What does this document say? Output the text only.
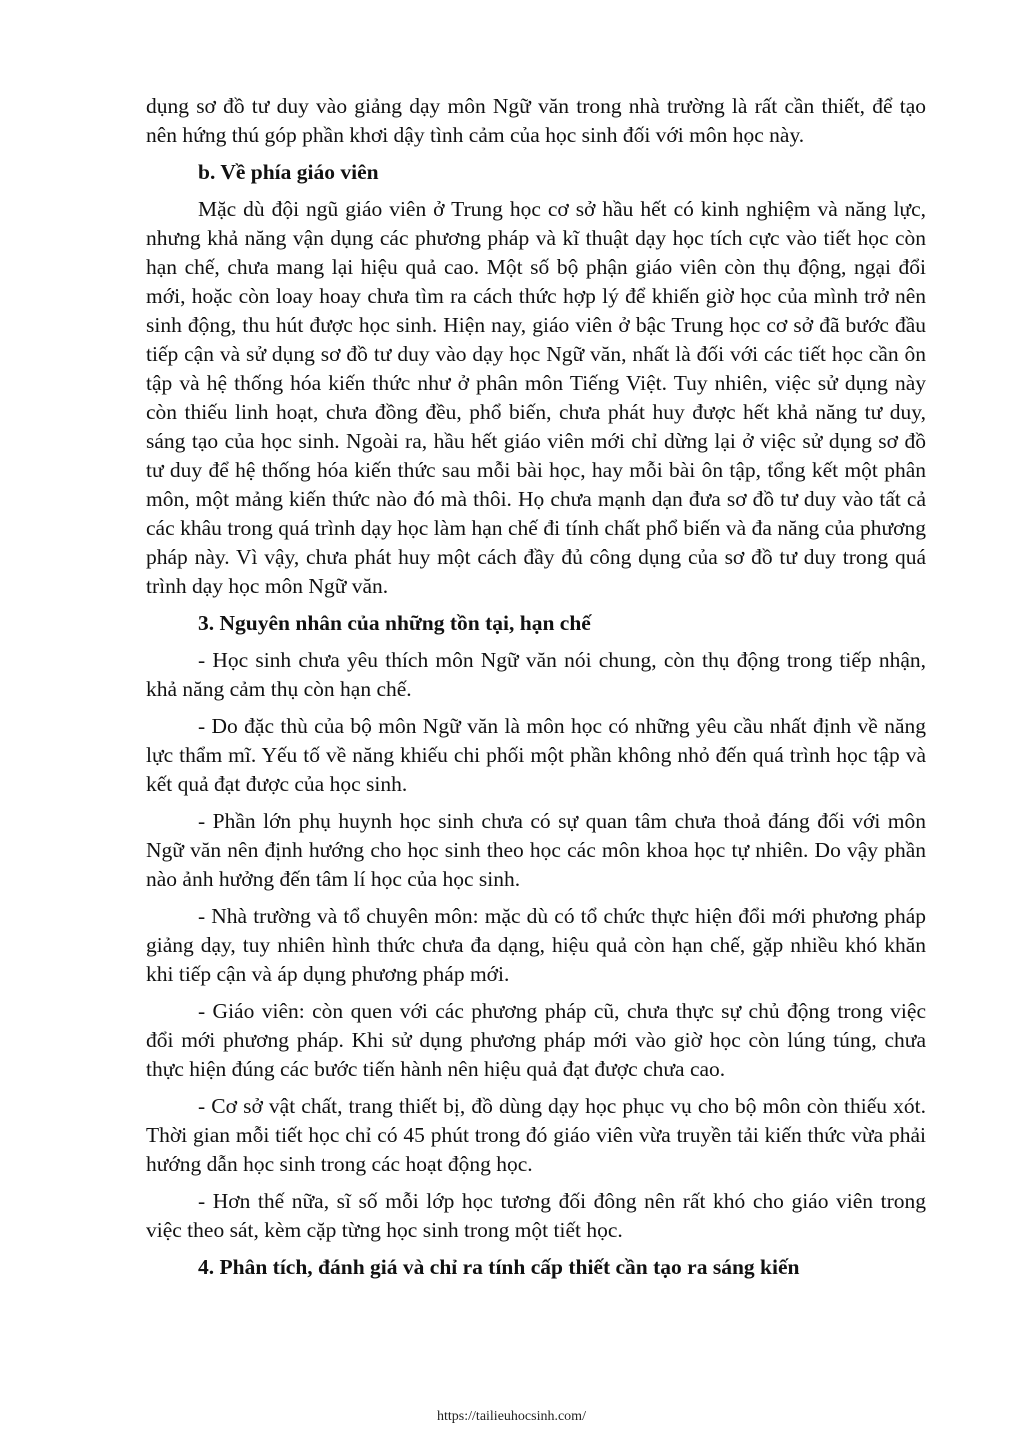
dụng sơ đồ tư duy vào giảng dạy môn Ngữ văn trong nhà trường là rất cần thiết, để tạo nên hứng thú góp phần khơi dậy tình cảm của học sinh đối với môn học này.

b. Về phía giáo viên

Mặc dù đội ngũ giáo viên ở Trung học cơ sở hầu hết có kinh nghiệm và năng lực, nhưng khả năng vận dụng các phương pháp và kĩ thuật dạy học tích cực vào tiết học còn hạn chế, chưa mang lại hiệu quả cao. Một số bộ phận giáo viên còn thụ động, ngại đổi mới, hoặc còn loay hoay chưa tìm ra cách thức hợp lý để khiến giờ học của mình trở nên sinh động, thu hút được học sinh. Hiện nay, giáo viên ở bậc Trung học cơ sở đã bước đầu tiếp cận và sử dụng sơ đồ tư duy vào dạy học Ngữ văn, nhất là đối với các tiết học cần ôn tập và hệ thống hóa kiến thức như ở phân môn Tiếng Việt. Tuy nhiên, việc sử dụng này còn thiếu linh hoạt, chưa đồng đều, phổ biến, chưa phát huy được hết khả năng tư duy, sáng tạo của học sinh. Ngoài ra, hầu hết giáo viên mới chỉ dừng lại ở việc sử dụng sơ đồ tư duy để hệ thống hóa kiến thức sau mỗi bài học, hay mỗi bài ôn tập, tổng kết một phân môn, một mảng kiến thức nào đó mà thôi. Họ chưa mạnh dạn đưa sơ đồ tư duy vào tất cả các khâu trong quá trình dạy học làm hạn chế đi tính chất phổ biến và đa năng của phương pháp này. Vì vậy, chưa phát huy một cách đầy đủ công dụng của sơ đồ tư duy trong quá trình dạy học môn Ngữ văn.

3. Nguyên nhân của những tồn tại, hạn chế

- Học sinh chưa yêu thích môn Ngữ văn nói chung, còn thụ động trong tiếp nhận, khả năng cảm thụ còn hạn chế.

- Do đặc thù của bộ môn Ngữ văn là môn học có những yêu cầu nhất định về năng lực thẩm mĩ. Yếu tố về năng khiếu chi phối một phần không nhỏ đến quá trình học tập và kết quả đạt được của học sinh.

- Phần lớn phụ huynh học sinh chưa có sự quan tâm chưa thoả đáng đối với môn Ngữ văn nên định hướng cho học sinh theo học các môn khoa học tự nhiên. Do vậy phần nào ảnh hưởng đến tâm lí học của học sinh.

- Nhà trường và tổ chuyên môn: mặc dù có tổ chức thực hiện đổi mới phương pháp giảng dạy, tuy nhiên hình thức chưa đa dạng, hiệu quả còn hạn chế, gặp nhiều khó khăn khi tiếp cận và áp dụng phương pháp mới.

- Giáo viên: còn quen với các phương pháp cũ, chưa thực sự chủ động trong việc đổi mới phương pháp. Khi sử dụng phương pháp mới vào giờ học còn lúng túng, chưa thực hiện đúng các bước tiến hành nên hiệu quả đạt được chưa cao.

- Cơ sở vật chất, trang thiết bị, đồ dùng dạy học phục vụ cho bộ môn còn thiếu xót. Thời gian mỗi tiết học chỉ có 45 phút trong đó giáo viên vừa truyền tải kiến thức vừa phải hướng dẫn học sinh trong các hoạt động học.

- Hơn thế nữa, sĩ số mỗi lớp học tương đối đông nên rất khó cho giáo viên trong việc theo sát, kèm cặp từng học sinh trong một tiết học.

4. Phân tích, đánh giá và chỉ ra tính cấp thiết cần tạo ra sáng kiến
https://tailieuhocsinh.com/
